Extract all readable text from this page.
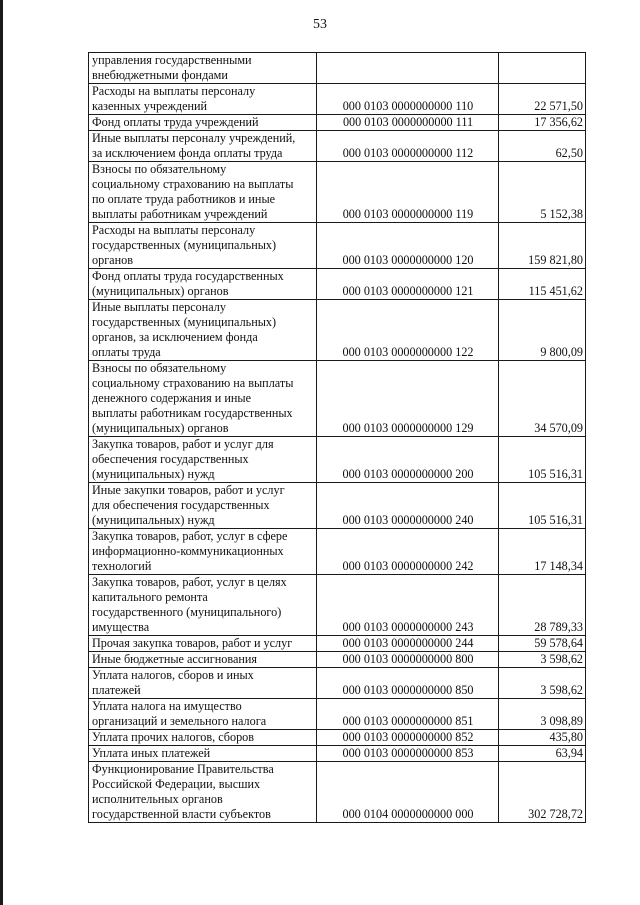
53
управления государственными
внебюджетными фондами		
Расходы на выплаты персоналу
казенных учреждений	000 0103 0000000000 110	22 571,50
Фонд оплаты труда учреждений	000 0103 0000000000 111	17 356,62
Иные выплаты персоналу учреждений,
за исключением фонда оплаты труда	000 0103 0000000000 112	62,50
Взносы по обязательному
социальному страхованию на выплаты
по оплате труда работников и иные
выплаты работникам учреждений	000 0103 0000000000 119	5 152,38
Расходы на выплаты персоналу
государственных (муниципальных)
органов	000 0103 0000000000 120	159 821,80
Фонд оплаты труда государственных
(муниципальных) органов	000 0103 0000000000 121	115 451,62
Иные выплаты персоналу
государственных (муниципальных)
органов, за исключением фонда
оплаты труда	000 0103 0000000000 122	9 800,09
Взносы по обязательному
социальному страхованию на выплаты
денежного содержания и иные
выплаты работникам государственных
(муниципальных) органов	000 0103 0000000000 129	34 570,09
Закупка товаров, работ и услуг для
обеспечения государственных
(муниципальных) нужд	000 0103 0000000000 200	105 516,31
Иные закупки товаров, работ и услуг
для обеспечения государственных
(муниципальных) нужд	000 0103 0000000000 240	105 516,31
Закупка товаров, работ, услуг в сфере
информационно-коммуникационных
технологий	000 0103 0000000000 242	17 148,34
Закупка товаров, работ, услуг в целях
капитального ремонта
государственного (муниципального)
имущества	000 0103 0000000000 243	28 789,33
Прочая закупка товаров, работ и услуг	000 0103 0000000000 244	59 578,64
Иные бюджетные ассигнования	000 0103 0000000000 800	3 598,62
Уплата налогов, сборов и иных
платежей	000 0103 0000000000 850	3 598,62
Уплата налога на имущество
организаций и земельного налога	000 0103 0000000000 851	3 098,89
Уплата прочих налогов, сборов	000 0103 0000000000 852	435,80
Уплата иных платежей	000 0103 0000000000 853	63,94
Функционирование Правительства
Российской Федерации, высших
исполнительных органов
государственной власти субъектов	000 0104 0000000000 000	302 728,72
